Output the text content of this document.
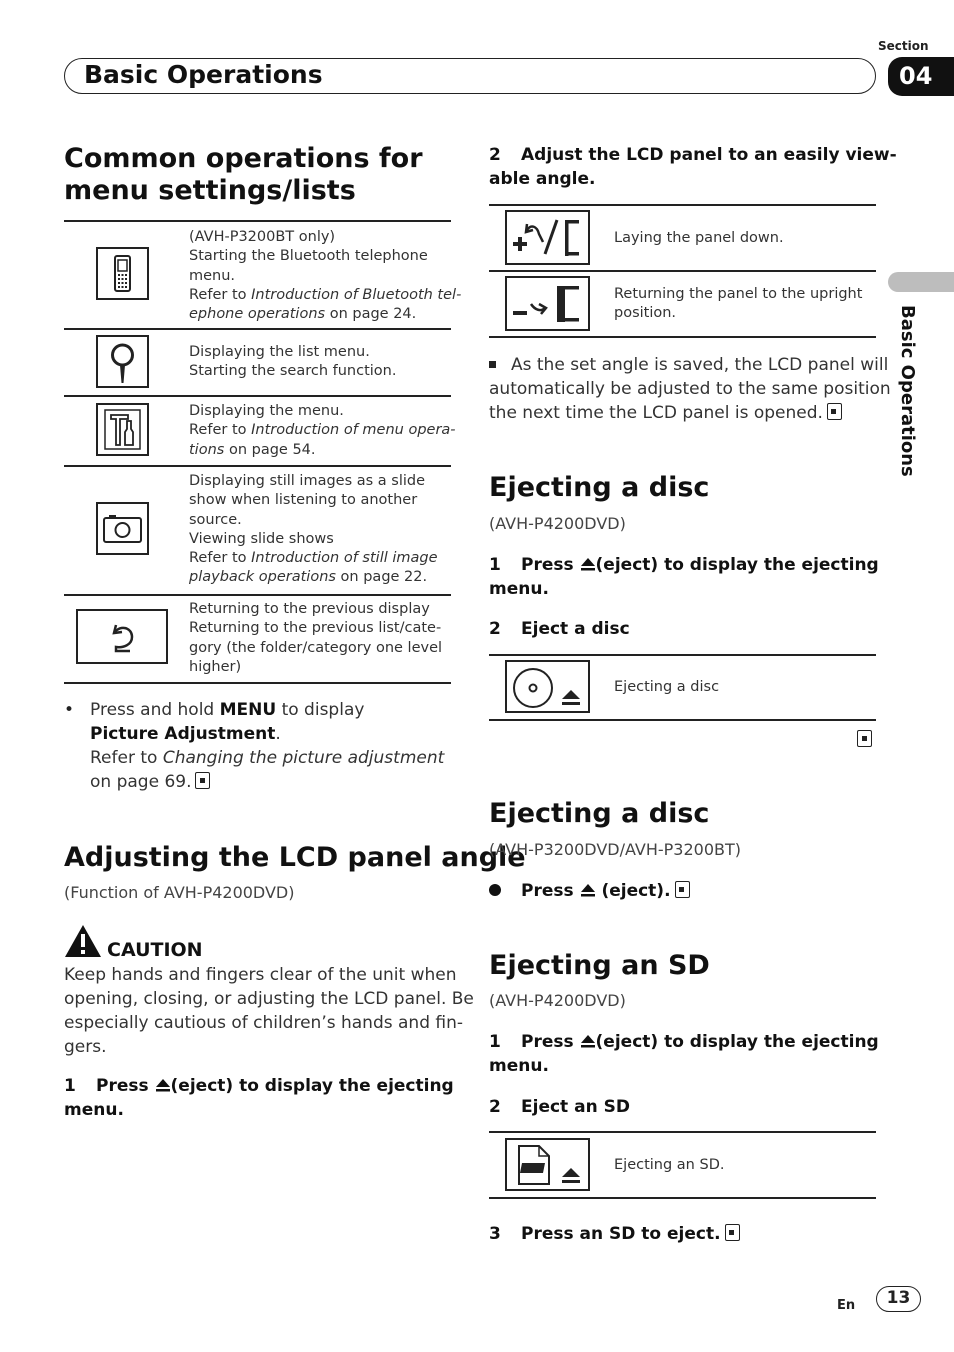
Section
Basic Operations	04
Basic Operations
Common operations for
menu settings/lists
(AVH-P3200BT only)
Starting the Bluetooth telephone
menu.
Refer to Introduction of Bluetooth tel-
ephone operations on page 24.
Displaying the list menu.
Starting the search function.
Displaying the menu.
Refer to Introduction of menu opera-
tions on page 54.
Displaying still images as a slide
show when listening to another
source.
Viewing slide shows
Refer to Introduction of still image
playback operations on page 22.
Returning to the previous display
Returning to the previous list/cate-
gory (the folder/category one level
higher)
• Press and hold MENU to display
Picture Adjustment.
Refer to Changing the picture adjustment
on page 69.
Adjusting the LCD panel angle
(Function of AVH-P4200DVD)
CAUTION
Keep hands and fingers clear of the unit when
opening, closing, or adjusting the LCD panel. Be
especially cautious of children’s hands and fin-
gers.
1 Press (eject) to display the ejecting
menu.
2 Adjust the LCD panel to an easily view-
able angle.
Laying the panel down.
Returning the panel to the upright
position.
As the set angle is saved, the LCD panel will
automatically be adjusted to the same position
the next time the LCD panel is opened.
Ejecting a disc
(AVH-P4200DVD)
1 Press (eject) to display the ejecting
menu.
2 Eject a disc
Ejecting a disc
Ejecting a disc
(AVH-P3200DVD/AVH-P3200BT)
Press  (eject).
Ejecting an SD
(AVH-P4200DVD)
1 Press (eject) to display the ejecting
menu.
2 Eject an SD
Ejecting an SD.
3 Press an SD to eject.
En	13
